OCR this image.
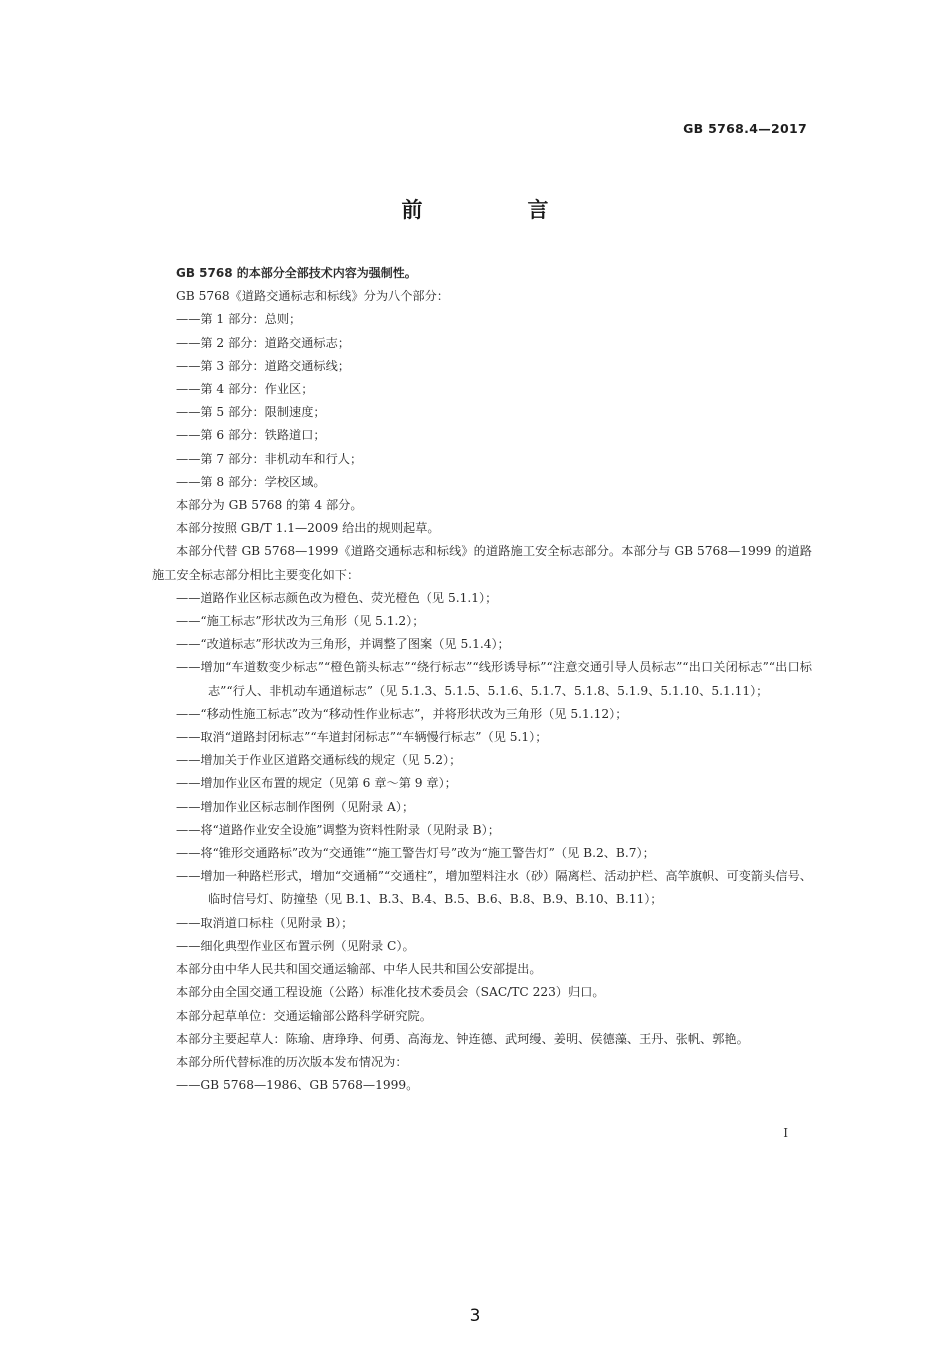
GB 5768.4—2017
前　言

GB 5768 的本部分全部技术内容为强制性。

GB 5768《道路交通标志和标线》分为八个部分：

——第 1 部分：总则；

——第 2 部分：道路交通标志；

——第 3 部分：道路交通标线；

——第 4 部分：作业区；

——第 5 部分：限制速度；

——第 6 部分：铁路道口；

——第 7 部分：非机动车和行人；

——第 8 部分：学校区域。

本部分为 GB 5768 的第 4 部分。

本部分按照 GB/T 1.1—2009 给出的规则起草。

本部分代替 GB 5768—1999《道路交通标志和标线》的道路施工安全标志部分。本部分与 GB 5768—1999 的道路施工安全标志部分相比主要变化如下：

——道路作业区标志颜色改为橙色、荧光橙色（见 5.1.1）；

——“施工标志”形状改为三角形（见 5.1.2）；

——“改道标志”形状改为三角形，并调整了图案（见 5.1.4）；

——增加“车道数变少标志”“橙色箭头标志”“绕行标志”“线形诱导标”“注意交通引导人员标志”“出口关闭标志”“出口标志”“行人、非机动车通道标志”（见 5.1.3、5.1.5、5.1.6、5.1.7、5.1.8、5.1.9、5.1.10、5.1.11）；

——“移动性施工标志”改为“移动性作业标志”，并将形状改为三角形（见 5.1.12）；

——取消“道路封闭标志”“车道封闭标志”“车辆慢行标志”（见 5.1）；

——增加关于作业区道路交通标线的规定（见 5.2）；

——增加作业区布置的规定（见第 6 章～第 9 章）；

——增加作业区标志制作图例（见附录 A）；

——将“道路作业安全设施”调整为资料性附录（见附录 B）；

——将“锥形交通路标”改为“交通锥”“施工警告灯号”改为“施工警告灯”（见 B.2、B.7）；

——增加一种路栏形式，增加“交通桶”“交通柱”，增加塑料注水（砂）隔离栏、活动护栏、高竿旗帜、可变箭头信号、临时信号灯、防撞垫（见 B.1、B.3、B.4、B.5、B.6、B.8、B.9、B.10、B.11）；

——取消道口标柱（见附录 B）；

——细化典型作业区布置示例（见附录 C）。

本部分由中华人民共和国交通运输部、中华人民共和国公安部提出。

本部分由全国交通工程设施（公路）标准化技术委员会（SAC/TC 223）归口。

本部分起草单位：交通运输部公路科学研究院。

本部分主要起草人：陈瑜、唐琤琤、何勇、高海龙、钟连德、武珂缦、姜明、侯德藻、王丹、张帆、郭艳。

本部分所代替标准的历次版本发布情况为：

——GB 5768—1986、GB 5768—1999。

I
3
